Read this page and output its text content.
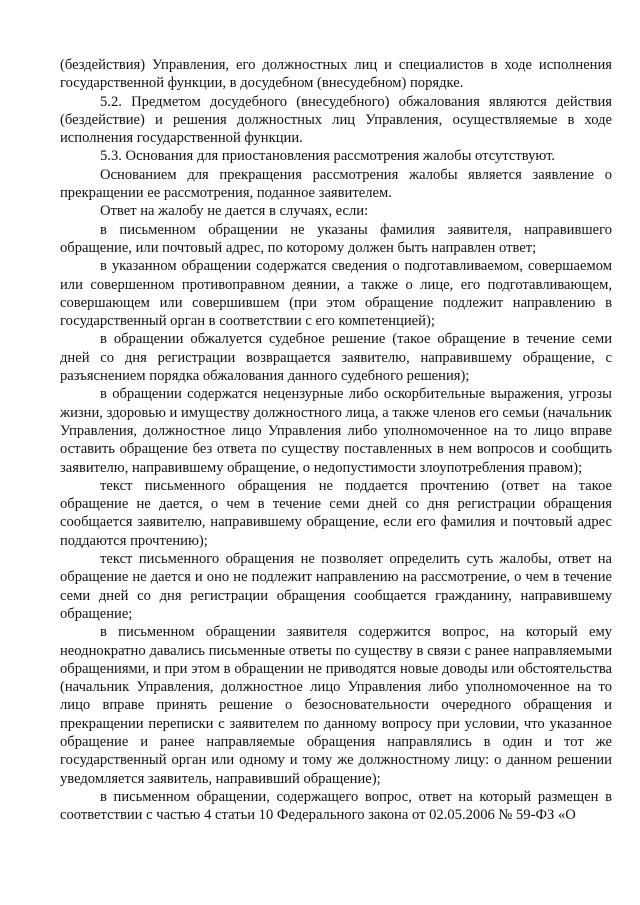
(бездействия) Управления, его должностных лиц и специалистов в ходе исполнения государственной функции, в досудебном (внесудебном) порядке.

5.2. Предметом досудебного (внесудебного) обжалования являются действия (бездействие) и решения должностных лиц Управления, осуществляемые в ходе исполнения государственной функции.

5.3. Основания для приостановления рассмотрения жалобы отсутствуют.

Основанием для прекращения рассмотрения жалобы является заявление о прекращении ее рассмотрения, поданное заявителем.

Ответ на жалобу не дается в случаях, если:

в письменном обращении не указаны фамилия заявителя, направившего обращение, или почтовый адрес, по которому должен быть направлен ответ;

в указанном обращении содержатся сведения о подготавливаемом, совершаемом или совершенном противоправном деянии, а также о лице, его подготавливающем, совершающем или совершившем (при этом обращение подлежит направлению в государственный орган в соответствии с его компетенцией);

в обращении обжалуется судебное решение (такое обращение в течение семи дней со дня регистрации возвращается заявителю, направившему обращение, с разъяснением порядка обжалования данного судебного решения);

в обращении содержатся нецензурные либо оскорбительные выражения, угрозы жизни, здоровью и имуществу должностного лица, а также членов его семьи (начальник Управления, должностное лицо Управления либо уполномоченное на то лицо вправе оставить обращение без ответа по существу поставленных в нем вопросов и сообщить заявителю, направившему обращение, о недопустимости злоупотребления правом);

текст письменного обращения не поддается прочтению (ответ на такое обращение не дается, о чем в течение семи дней со дня регистрации обращения сообщается заявителю, направившему обращение, если его фамилия и почтовый адрес поддаются прочтению);

текст письменного обращения не позволяет определить суть жалобы, ответ на обращение не дается и оно не подлежит направлению на рассмотрение, о чем в течение семи дней со дня регистрации обращения сообщается гражданину, направившему обращение;

в письменном обращении заявителя содержится вопрос, на который ему неоднократно давались письменные ответы по существу в связи с ранее направляемыми обращениями, и при этом в обращении не приводятся новые доводы или обстоятельства (начальник Управления, должностное лицо Управления либо уполномоченное на то лицо вправе принять решение о безосновательности очередного обращения и прекращении переписки с заявителем по данному вопросу при условии, что указанное обращение и ранее направляемые обращения направлялись в один и тот же государственный орган или одному и тому же должностному лицу: о данном решении уведомляется заявитель, направивший обращение);

в письменном обращении, содержащего вопрос, ответ на который размещен в соответствии с частью 4 статьи 10 Федерального закона от 02.05.2006 № 59-ФЗ «О
